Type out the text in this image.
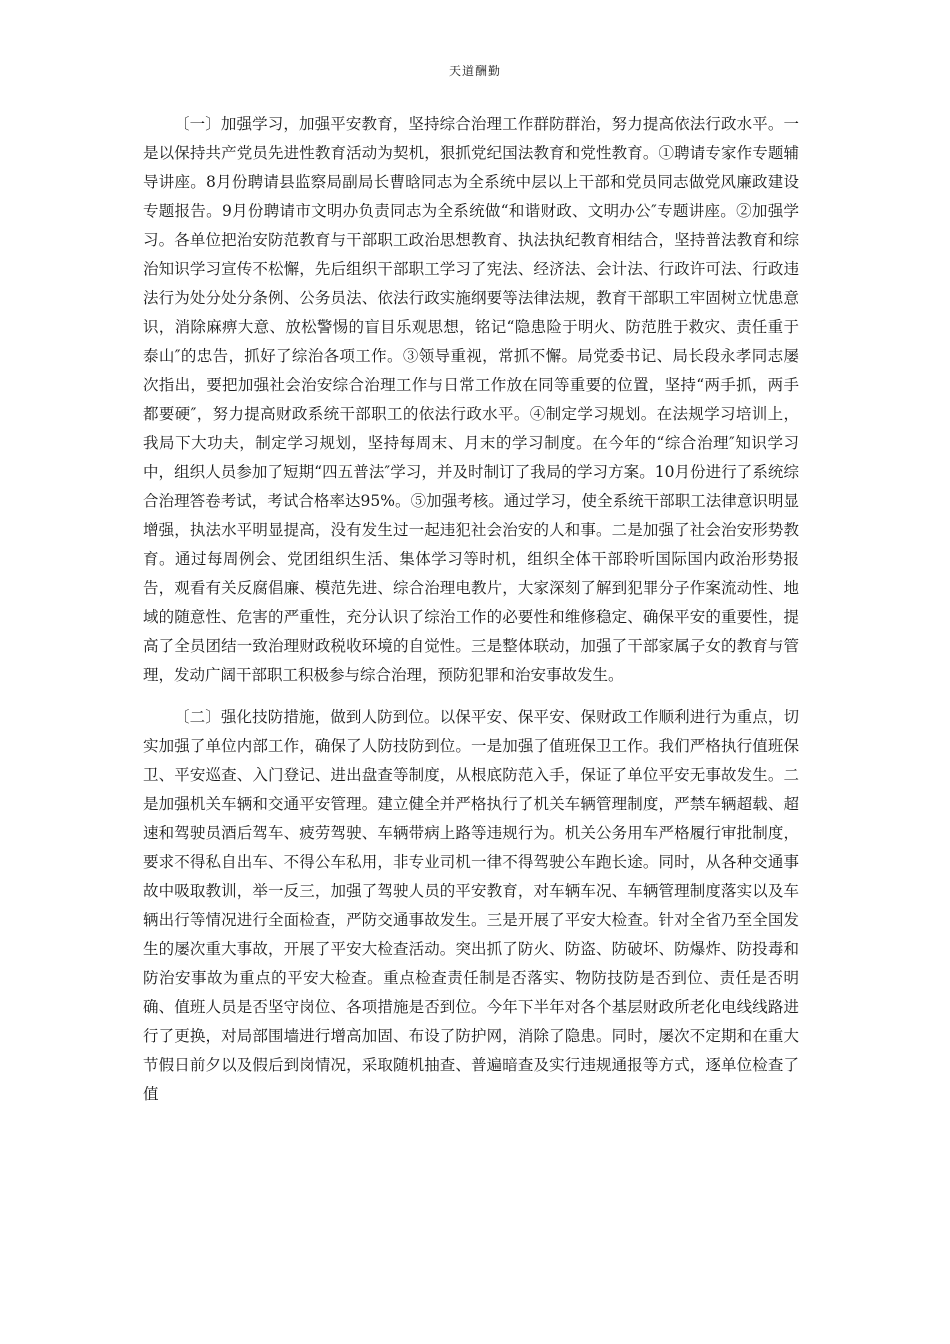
天道酬勤

〔一〕加强学习，加强平安教育，坚持综合治理工作群防群治，努力提高依法行政水平。一是以保持共产党员先进性教育活动为契机，狠抓党纪国法教育和党性教育。①聘请专家作专题辅导讲座。8月份聘请县监察局副局长曹晗同志为全系统中层以上干部和党员同志做党风廉政建设专题报告。9月份聘请市文明办负责同志为全系统做“和谐财政、文明办公″专题讲座。②加强学习。各单位把治安防范教育与干部职工政治思想教育、执法执纪教育相结合，坚持普法教育和综治知识学习宣传不松懈，先后组织干部职工学习了宪法、经济法、会计法、行政许可法、行政违法行为处分处分条例、公务员法、依法行政实施纲要等法律法规，教育干部职工牢固树立忧患意识，消除麻痹大意、放松警惕的盲目乐观思想，铭记“隐患险于明火、防范胜于救灾、责任重于泰山″的忠告，抓好了综治各项工作。③领导重视，常抓不懈。局党委书记、局长段永孝同志屡次指出，要把加强社会治安综合治理工作与日常工作放在同等重要的位置，坚持“两手抓，两手都要硬″，努力提高财政系统干部职工的依法行政水平。④制定学习规划。在法规学习培训上，我局下大功夫，制定学习规划，坚持每周末、月末的学习制度。在今年的“综合治理″知识学习中，组织人员参加了短期“四五普法″学习，并及时制订了我局的学习方案。10月份进行了系统综合治理答卷考试，考试合格率达95%。⑤加强考核。通过学习，使全系统干部职工法律意识明显增强，执法水平明显提高，没有发生过一起违犯社会治安的人和事。二是加强了社会治安形势教育。通过每周例会、党团组织生活、集体学习等时机，组织全体干部聆听国际国内政治形势报告，观看有关反腐倡廉、模范先进、综合治理电教片，大家深刻了解到犯罪分子作案流动性、地域的随意性、危害的严重性，充分认识了综治工作的必要性和维修稳定、确保平安的重要性，提高了全员团结一致治理财政税收环境的自觉性。三是整体联动，加强了干部家属子女的教育与管理，发动广阔干部职工积极参与综合治理，预防犯罪和治安事故发生。

〔二〕强化技防措施，做到人防到位。以保平安、保平安、保财政工作顺利进行为重点，切实加强了单位内部工作，确保了人防技防到位。一是加强了值班保卫工作。我们严格执行值班保卫、平安巡查、入门登记、进出盘查等制度，从根底防范入手，保证了单位平安无事故发生。二是加强机关车辆和交通平安管理。建立健全并严格执行了机关车辆管理制度，严禁车辆超载、超速和驾驶员酒后驾车、疲劳驾驶、车辆带病上路等违规行为。机关公务用车严格履行审批制度，要求不得私自出车、不得公车私用，非专业司机一律不得驾驶公车跑长途。同时，从各种交通事故中吸取教训，举一反三，加强了驾驶人员的平安教育，对车辆车况、车辆管理制度落实以及车辆出行等情况进行全面检查，严防交通事故发生。三是开展了平安大检查。针对全省乃至全国发生的屡次重大事故，开展了平安大检查活动。突出抓了防火、防盗、防破坏、防爆炸、防投毒和防治安事故为重点的平安大检查。重点检查责任制是否落实、物防技防是否到位、责任是否明确、值班人员是否坚守岗位、各项措施是否到位。今年下半年对各个基层财政所老化电线线路进行了更换，对局部围墙进行增高加固、布设了防护网，消除了隐患。同时，屡次不定期和在重大节假日前夕以及假后到岗情况，采取随机抽查、普遍暗查及实行违规通报等方式，逐单位检查了值
